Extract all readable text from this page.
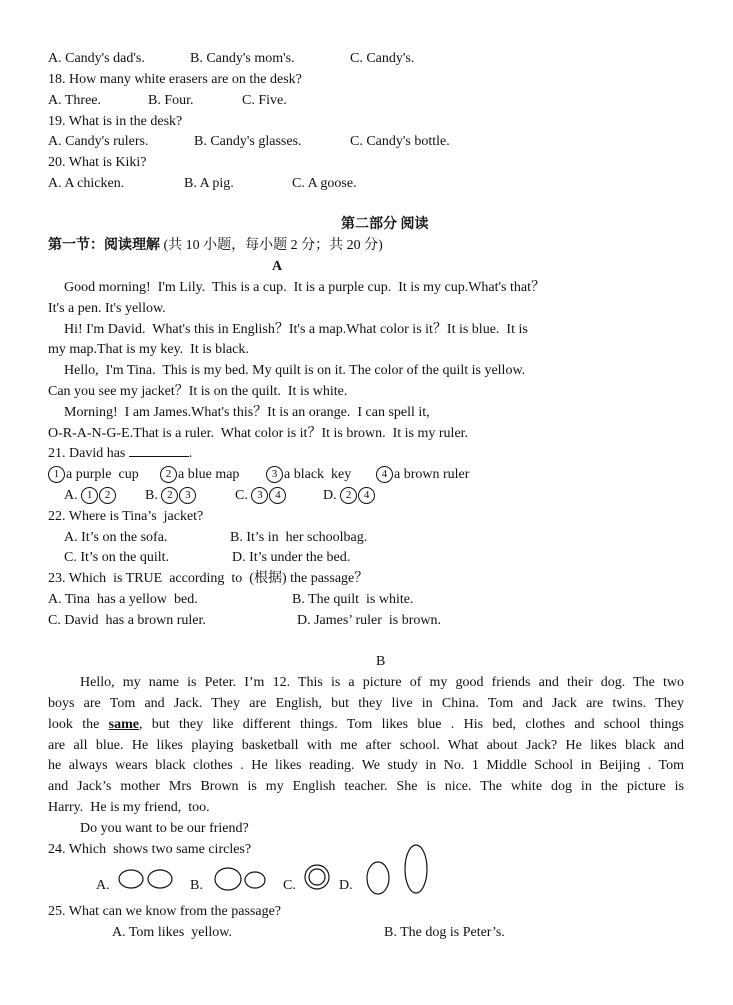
A. Candy's dad's.	B. Candy's mom's.	C. Candy's.
18. How many white erasers are on the desk?
A. Three.	B. Four.	C. Five.
19. What is in the desk?
A. Candy's rulers.	B. Candy's glasses.	C. Candy's bottle.
20. What is Kiki?
A. A chicken.	B. A pig.	C. A goose.
第二部分 阅读
第一节：阅读理解 (共 10 小题，每小题 2 分；共 20 分)
A
Good morning!  I'm Lily.  This is a cup.  It is a purple cup.  It is my cup.What's that？
It's a pen. It's yellow.
Hi! I'm David.  What's this in English？It's a map.What color is it？It is blue.  It is
my map.That is my key.  It is black.
Hello,  I'm Tina.  This is my bed. My quilt is on it. The color of the quilt is yellow.
Can you see my jacket？It is on the quilt.  It is white.
Morning!  I am James.What's this？It is an orange.  I can spell it,
O-R-A-N-G-E.That is a ruler.  What color is it？It is brown.  It is my ruler.
21. David has	.
1 a purple  cup	2 a blue map	3 a black  key	4 a brown ruler
A. 1 2	B. 2 3	C. 3 4	D. 2 4
22. Where is Tina’s  jacket?
A. It’s on the sofa.	B. It’s in  her schoolbag.
C. It’s on the quilt.	D. It’s under the bed.
23. Which  is TRUE  according  to  (根据) the passage？
A. Tina  has a yellow  bed.	B. The quilt  is white.
C. David  has a brown ruler.	D. James’ ruler  is brown.
B
Hello, my name is Peter. I’m 12. This is a picture of my good friends and their dog. The two
boys are Tom and Jack. They are English, but they live in China. Tom and Jack are twins. They
look the same, but they like different things. Tom likes blue . His bed, clothes and school things
are all blue. He likes playing basketball with me after school. What about Jack? He likes black and
he always wears black clothes . He likes reading. We study in No. 1 Middle School in Beijing . Tom
and Jack’s mother Mrs Brown is my English teacher. She is nice. The white dog in the picture is
Harry.  He is my friend,  too.
Do you want to be our friend?
24. Which  shows two same circles?
A.	B.	C.	D.
25. What can we know from the passage?
A. Tom likes  yellow.	B. The dog is Peter’s.
